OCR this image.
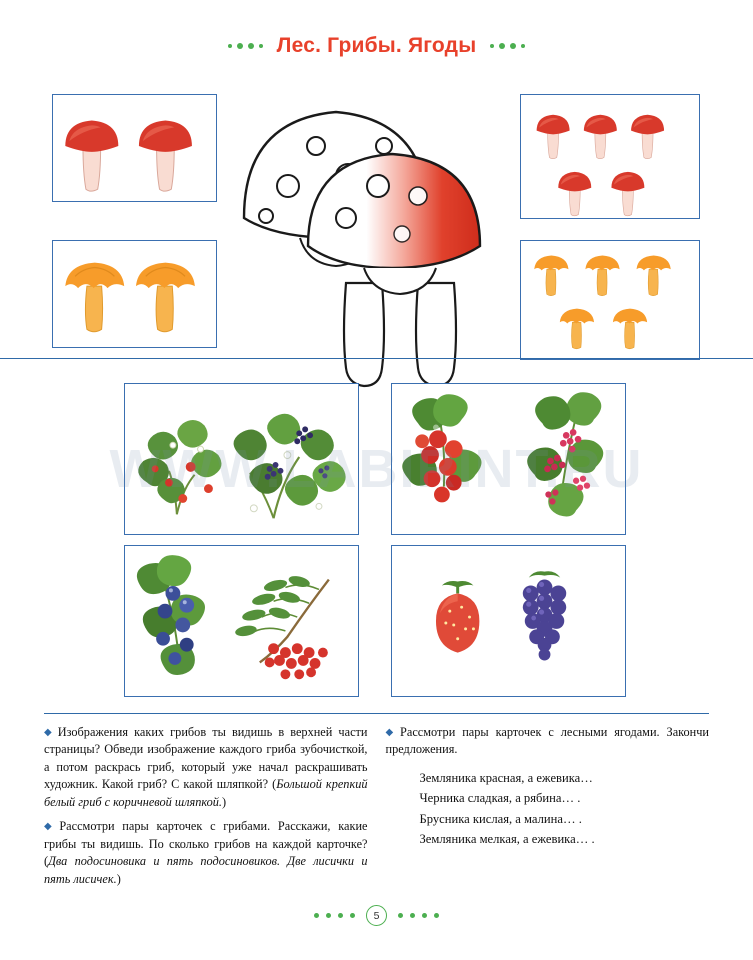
Лес. Грибы. Ягоды
WWW.LABIRINT.RU

◆ Изображения каких грибов ты видишь в верхней части страницы? Обведи изображение каждого гриба зубочисткой, а потом раскрась гриб, который уже начал раскрашивать художник. Какой гриб? С какой шляпкой? (Большой крепкий белый гриб с коричневой шляпкой.)

◆ Рассмотри пары карточек с грибами. Расскажи, какие грибы ты видишь. По сколько грибов на каждой карточке? (Два подосиновика и пять подосиновиков. Две лисички и пять лисичек.)

◆ Рассмотри пары карточек с лесными ягодами. Закончи предложения.

Земляника красная, а ежевика…
Черника сладкая, а рябина… .
Брусника кислая, а малина… .
Земляника мелкая, а ежевика… .
5
